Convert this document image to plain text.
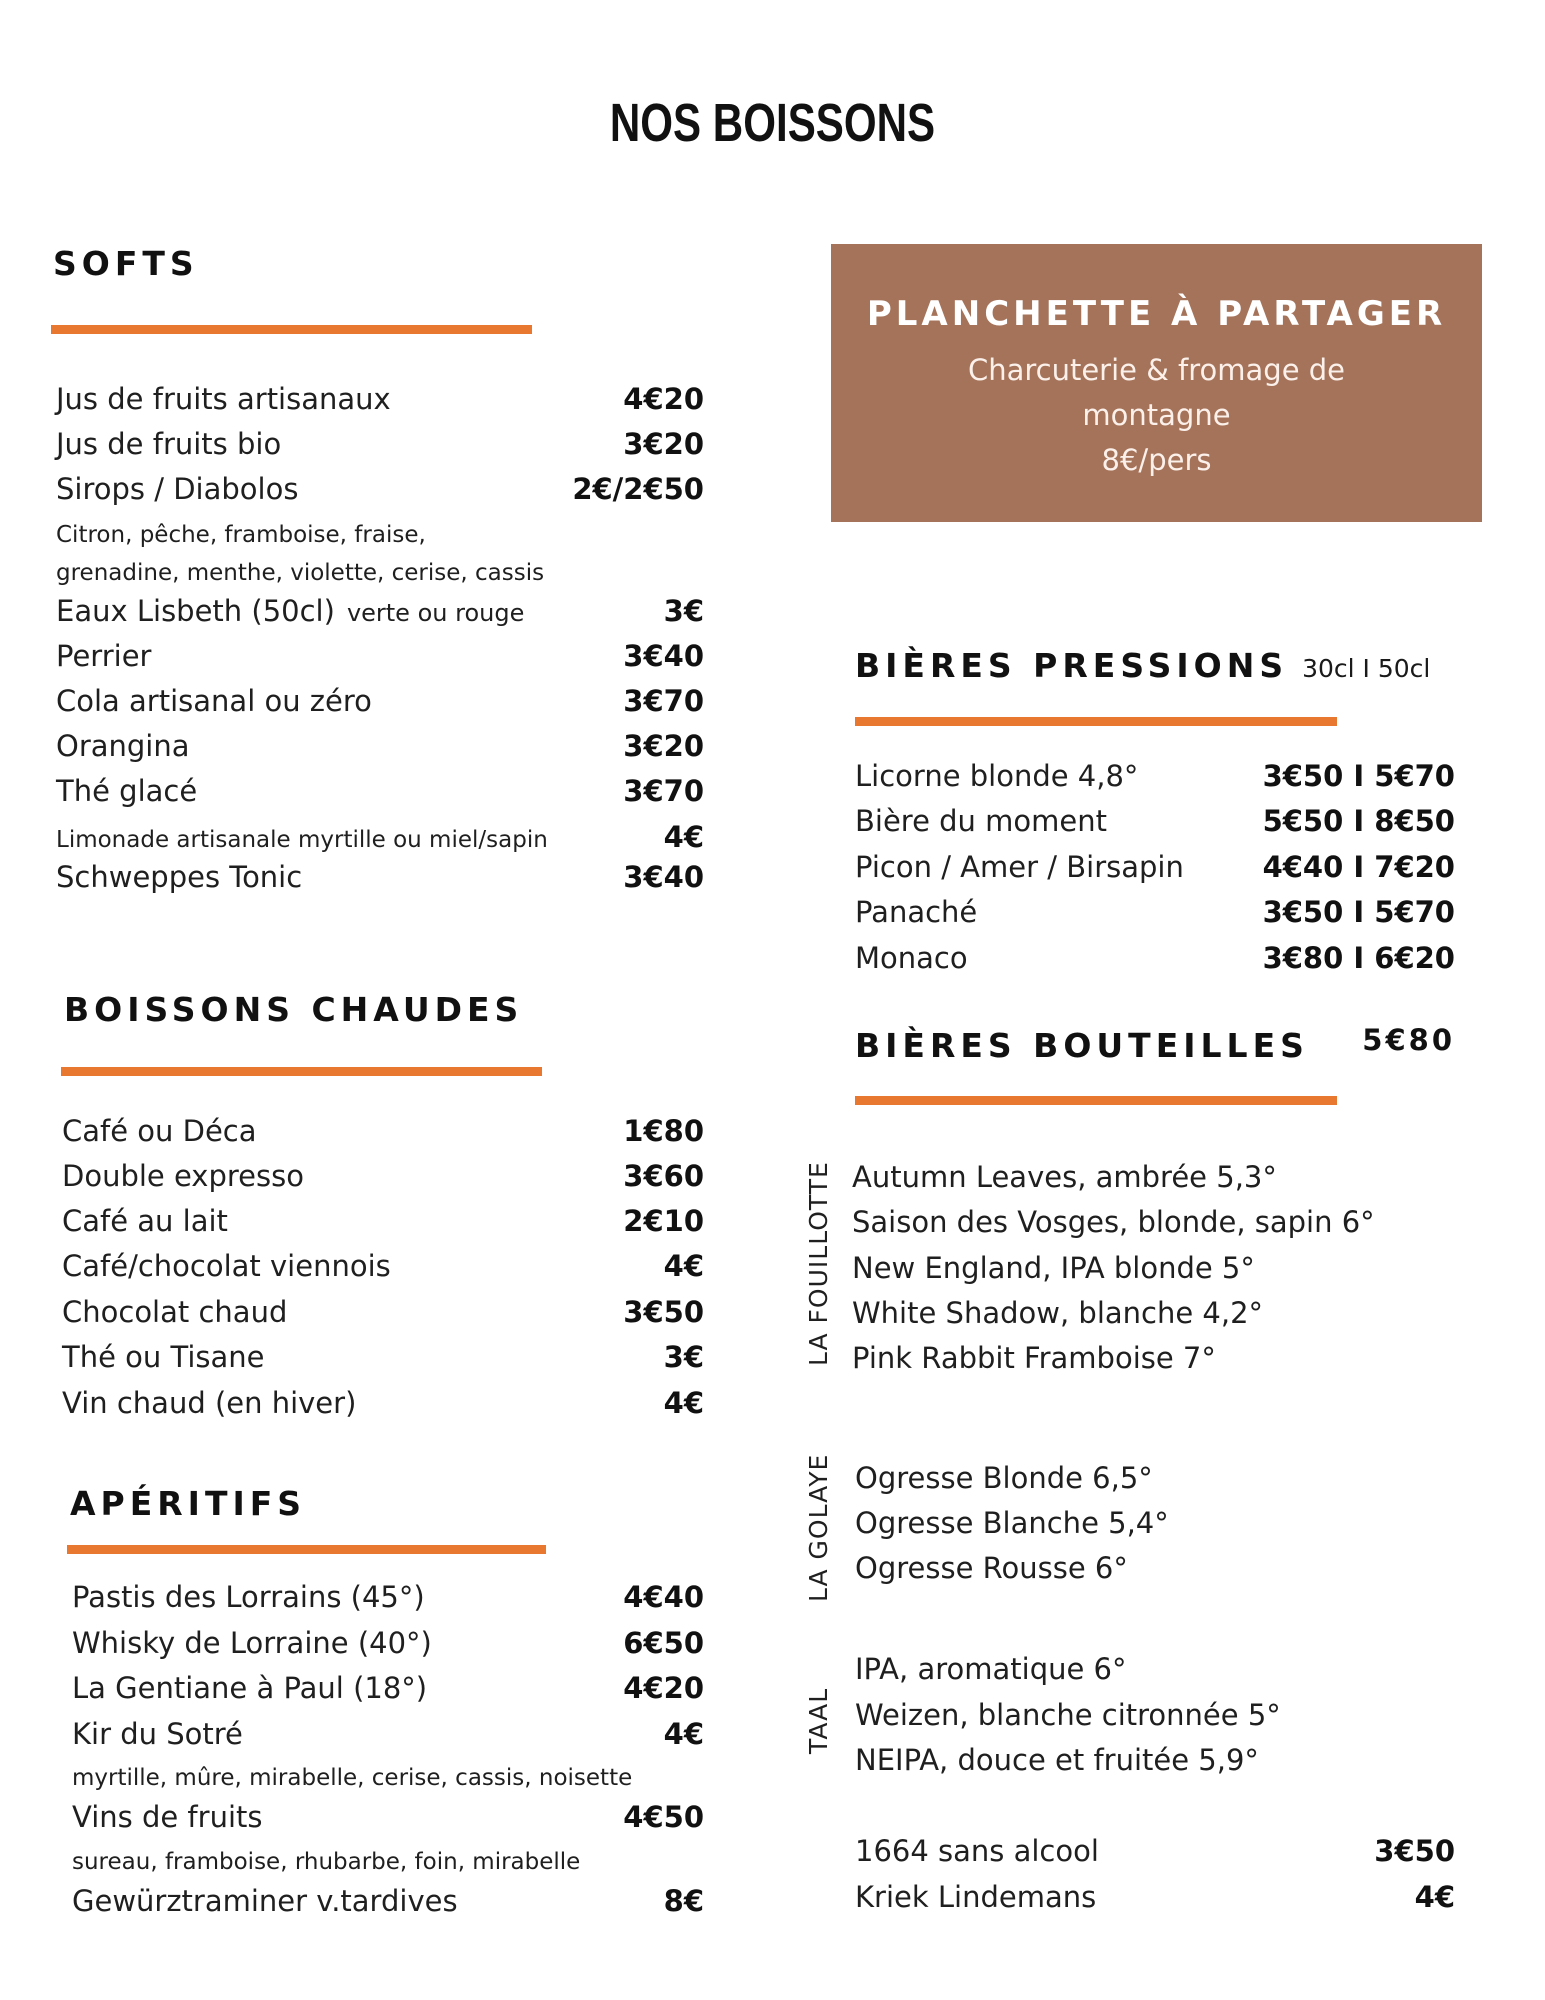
NOS BOISSONS
SOFTS
Jus de fruits artisanaux	4€20
Jus de fruits bio	3€20
Sirops / Diabolos	2€/2€50
Citron, pêche, framboise, fraise,
grenadine, menthe, violette, cerise, cassis
Eaux Lisbeth (50cl) verte ou rouge	3€
Perrier	3€40
Cola artisanal ou zéro	3€70
Orangina	3€20
Thé glacé	3€70
Limonade artisanale myrtille ou miel/sapin	4€
Schweppes Tonic	3€40
BOISSONS CHAUDES
Café ou Déca	1€80
Double expresso	3€60
Café au lait	2€10
Café/chocolat viennois	4€
Chocolat chaud	3€50
Thé ou Tisane	3€
Vin chaud (en hiver)	4€
APÉRITIFS
Pastis des Lorrains (45°)	4€40
Whisky de Lorraine (40°)	6€50
La Gentiane à Paul (18°)	4€20
Kir du Sotré	4€
myrtille, mûre, mirabelle, cerise, cassis, noisette
Vins de fruits	4€50
sureau, framboise, rhubarbe, foin, mirabelle
Gewürztraminer v.tardives	8€
PLANCHETTE À PARTAGER
Charcuterie & fromage de
montagne
8€/pers
BIÈRES PRESSIONS 30cl I 50cl
Licorne blonde 4,8°	3€50 I 5€70
Bière du moment	5€50 I 8€50
Picon / Amer / Birsapin	4€40 I 7€20
Panaché	3€50 I 5€70
Monaco	3€80 I 6€20
BIÈRES BOUTEILLES	5€80
LA FOUILLOTTE Autumn Leaves, ambrée 5,3°
Saison des Vosges, blonde, sapin 6°
New England, IPA blonde 5°
White Shadow, blanche 4,2°
Pink Rabbit Framboise 7°
LA GOLAYE Ogresse Blonde 6,5°
Ogresse Blanche 5,4°
Ogresse Rousse 6°
TAAL
IPA, aromatique 6°
Weizen, blanche citronnée 5°
NEIPA, douce et fruitée 5,9°
1664 sans alcool	3€50
Kriek Lindemans	4€
